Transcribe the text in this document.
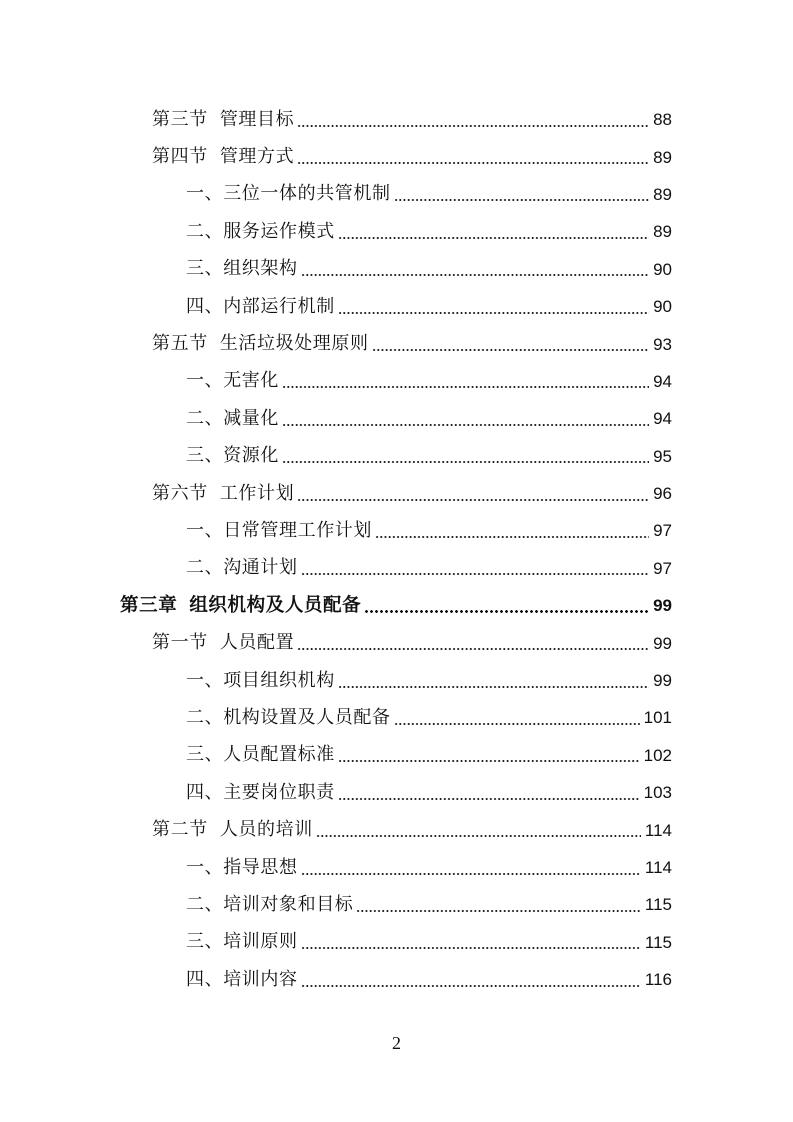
第三节 管理目标	88
第四节 管理方式	89
一、三位一体的共管机制	89
二、服务运作模式	89
三、组织架构	90
四、内部运行机制	90
第五节 生活垃圾处理原则	93
一、无害化	94
二、减量化	94
三、资源化	95
第六节 工作计划	96
一、日常管理工作计划	97
二、沟通计划	97
第三章 组织机构及人员配备	99
第一节 人员配置	99
一、项目组织机构	99
二、机构设置及人员配备	101
三、人员配置标准	102
四、主要岗位职责	103
第二节 人员的培训	114
一、指导思想	114
二、培训对象和目标	115
三、培训原则	115
四、培训内容	116
2
